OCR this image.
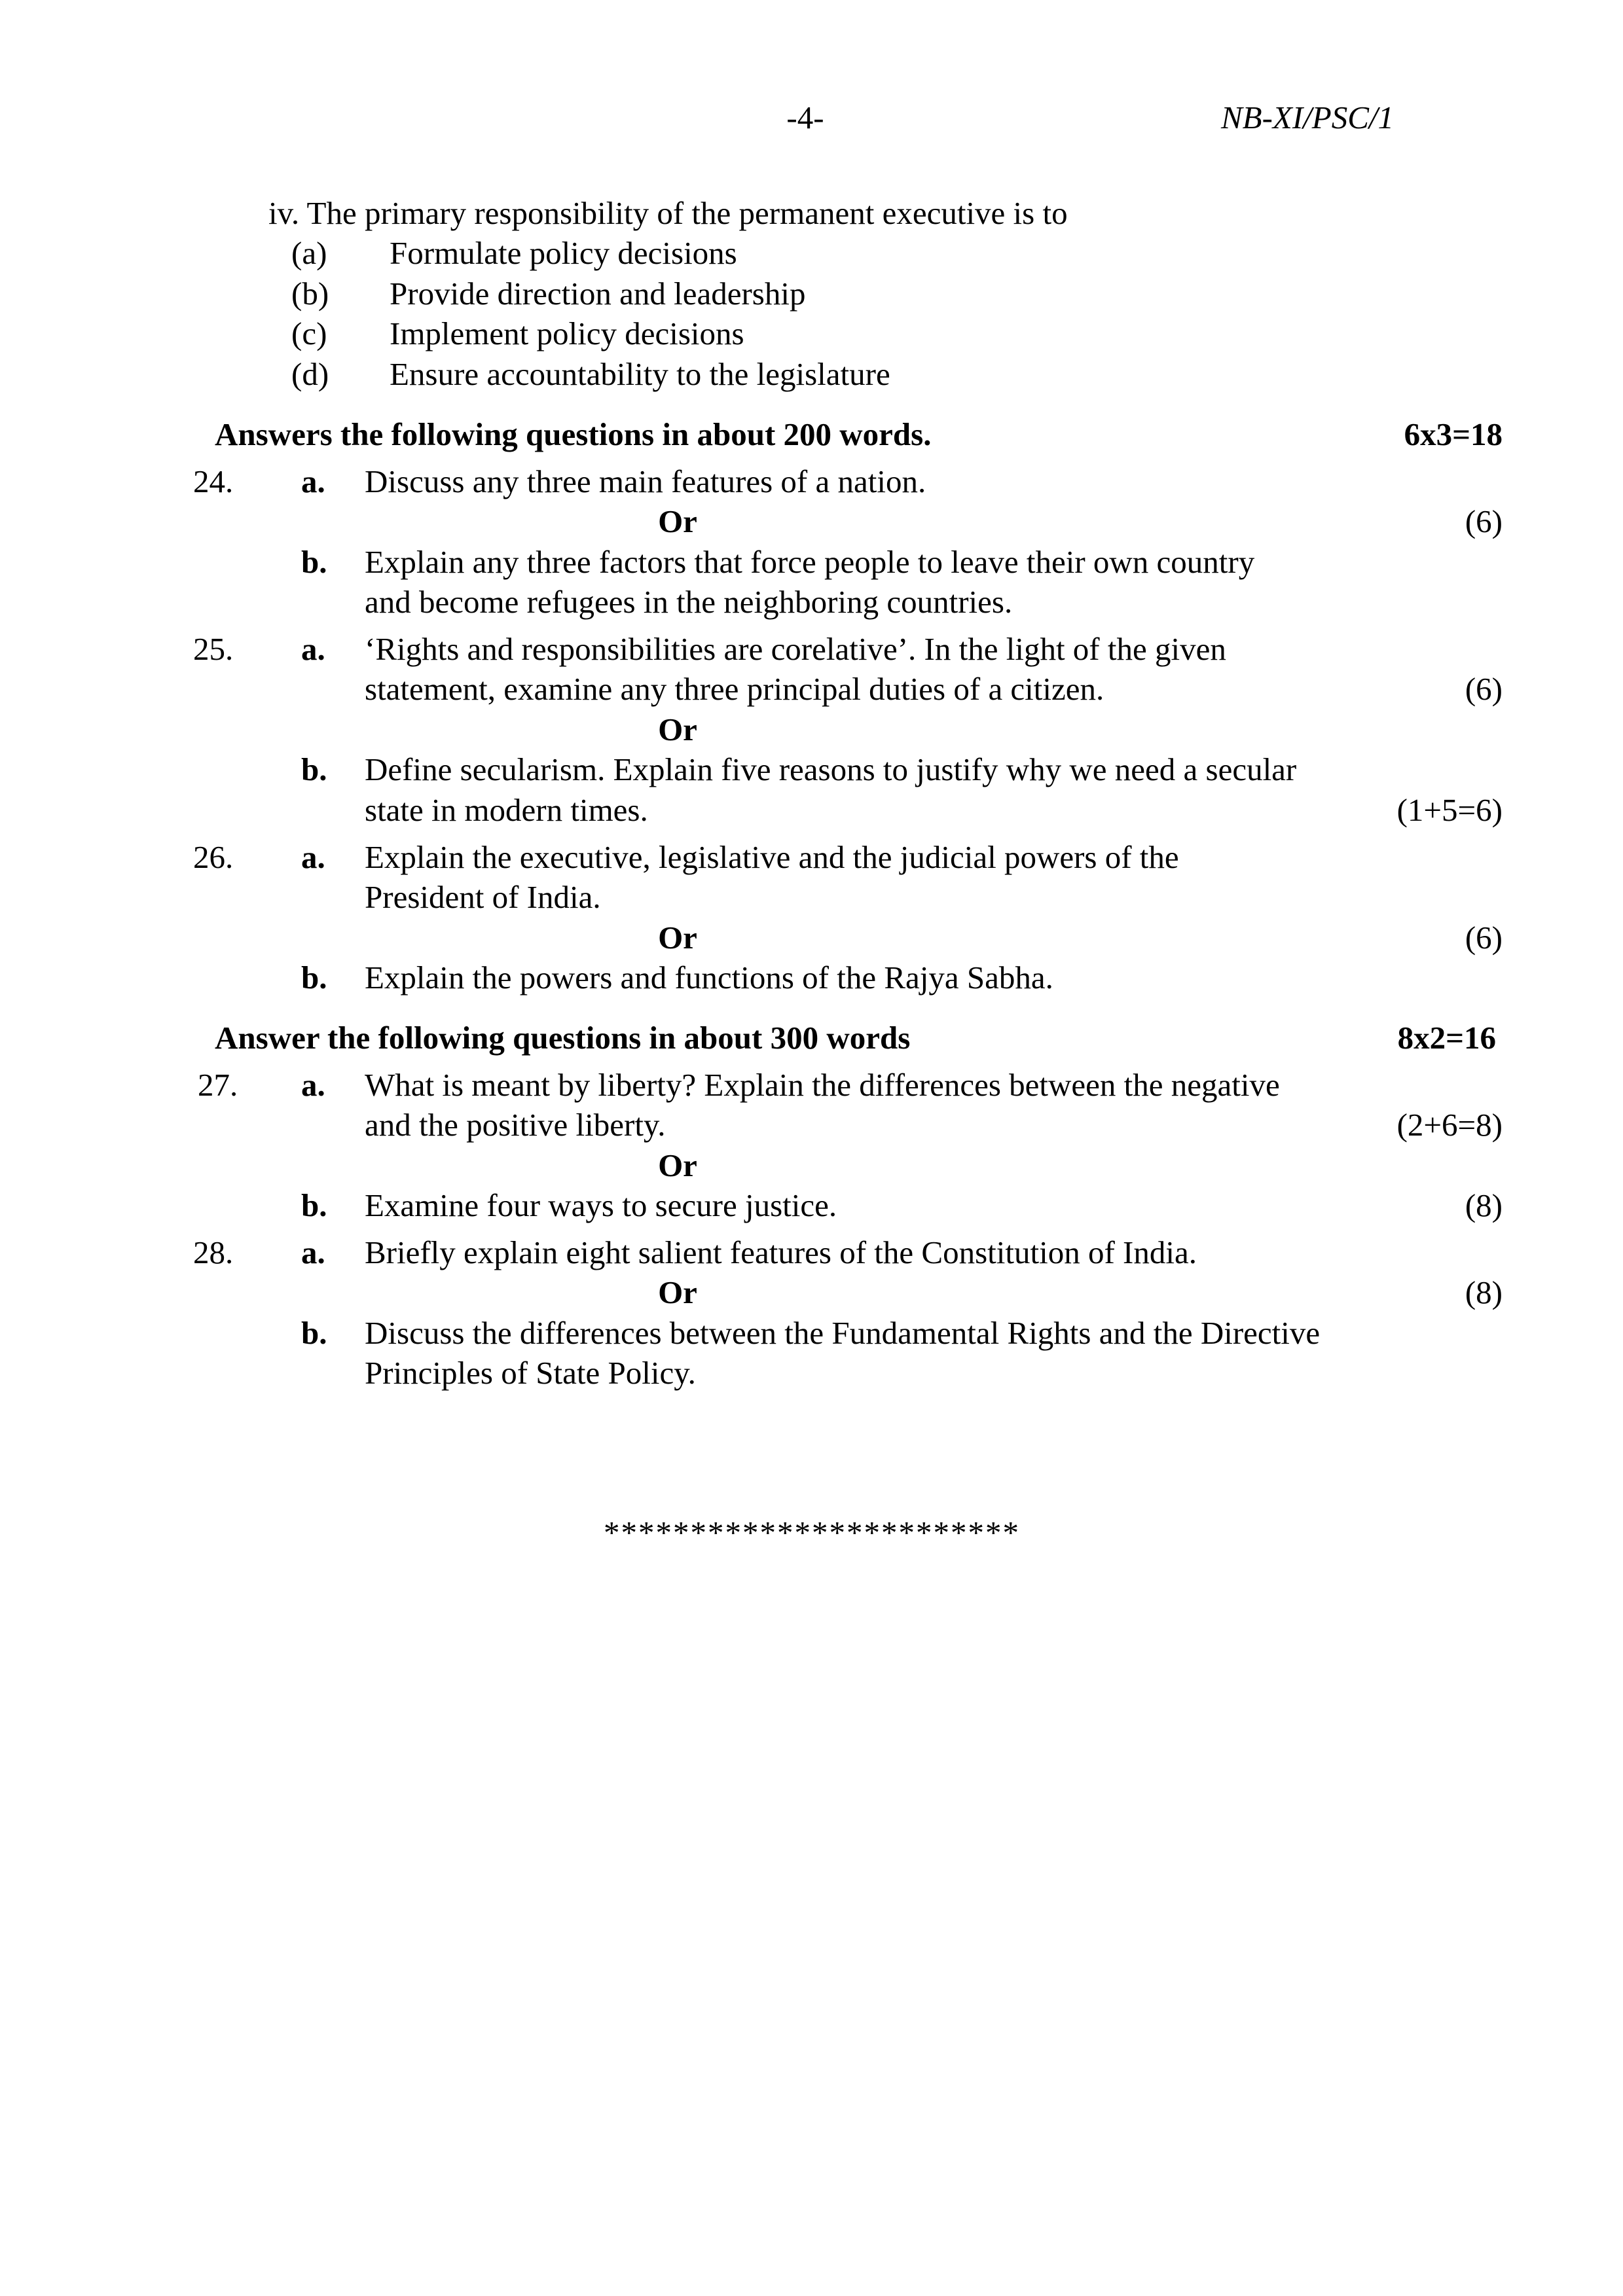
-4-	NB-XI/PSC/1
iv. The primary responsibility of the permanent executive is to
(a) Formulate policy decisions
(b) Provide direction and leadership
(c) Implement policy decisions
(d) Ensure accountability to the legislature
Answers the following questions in about 200 words.	6x3=18
24. a. Discuss any three main features of a nation.
Or	(6)
b. Explain any three factors that force people to leave their own country
and become refugees in the neighboring countries.
25. a. ‘Rights and responsibilities are corelative’. In the light of the given
statement, examine any three principal duties of a citizen.	(6)
Or
b. Define secularism. Explain five reasons to justify why we need a secular
state in modern times.	(1+5=6)
26. a. Explain the executive, legislative and the judicial powers of the
President of India.
Or	(6)
b. Explain the powers and functions of the Rajya Sabha.
Answer the following questions in about 300 words	8x2=16
27. a. What is meant by liberty? Explain the differences between the negative
and the positive liberty.	(2+6=8)
Or
b. Examine four ways to secure justice.	(8)
28. a. Briefly explain eight salient features of the Constitution of India.
Or	(8)
b. Discuss the differences between the Fundamental Rights and the Directive
Principles of State Policy.
************************
